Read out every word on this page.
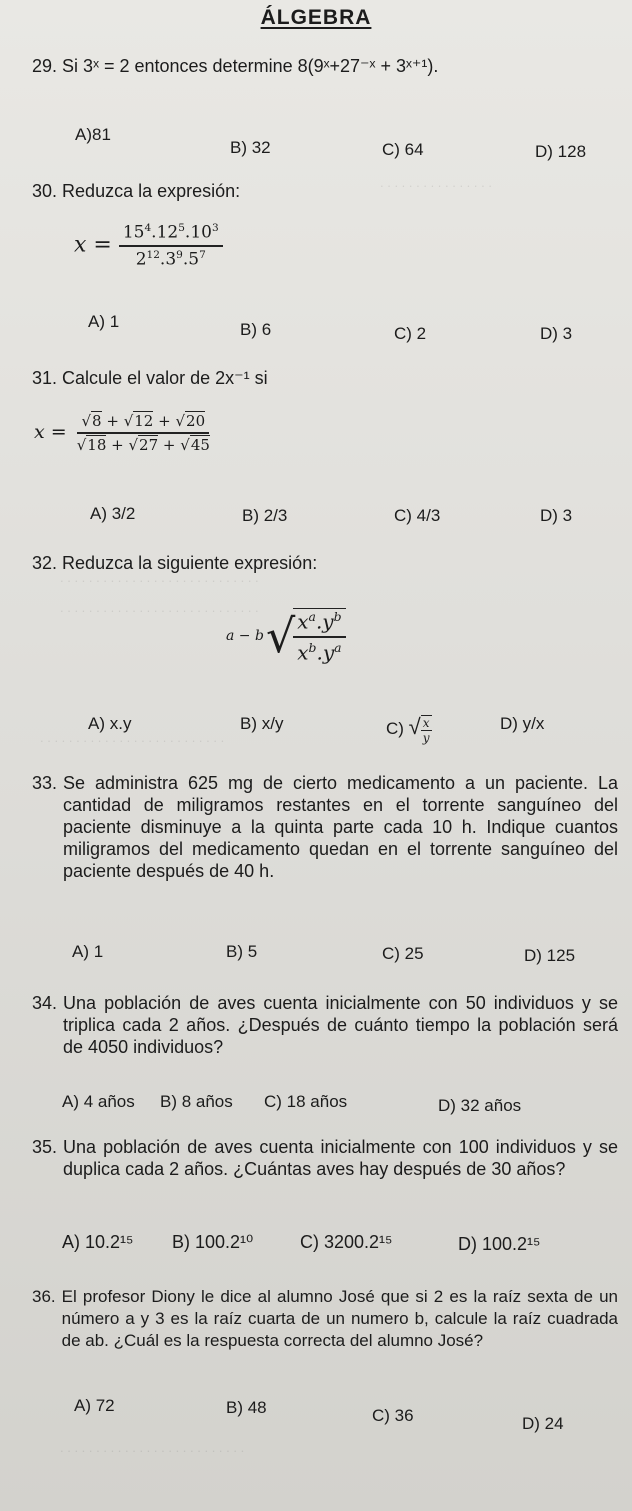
. . . . . . . . . . . . . . . .
. . . . . . . . . . . . . . . . . . . . . . . . . . . .
. . . . . . . . . . . . . . . . . . . . . . . . . . . .
. . . . . . . . . . . . . . . . . . . . . . . . . .
. . . . . . . . . . . . . . . . . . . . . . . . . .
ÁLGEBRA
29. Si 3ˣ = 2 entonces determine 8(9ˣ+27⁻ˣ + 3ˣ⁺¹).
A)81
B) 32	C) 64	D) 128
30. Reduzca la expresión:
$x = \frac{15^4.12^5.10^3}{2^{12}.3^9.5^7}$
A) 1	B) 6	C) 2	D) 3
31. Calcule el valor de 2x⁻¹ si
$x = \frac{√8 + √12 + √20}{√18 + √27 + √45}$
A) 3/2	B) 2/3	C) 4/3	D) 3
32. Reduzca la siguiente expresión:
a − b √
$\frac{x^a.y^b}{x^b.y^a}$
A) x.y	B) x/y	C) √ $\frac{x}{y}$	D) y/x
33. Se administra 625 mg de cierto medicamento a un paciente. La cantidad de miligramos restantes en el torrente sanguíneo del paciente disminuye a la quinta parte cada 10 h. Indique cuantos miligramos del medicamento quedan en el torrente sanguíneo del paciente después de 40 h.
A) 1	B) 5	C) 25	D) 125
34. Una población de aves cuenta inicialmente con 50 individuos y se triplica cada 2 años. ¿Después de cuánto tiempo la población será de 4050 individuos?
A) 4 años B) 8 años C) 18 años	D) 32 años
35. Una población de aves cuenta inicialmente con 100 individuos y se duplica cada 2 años. ¿Cuántas aves hay después de 30 años?
A) 10.2¹⁵ B) 100.2¹⁰	C) 3200.2¹⁵	D) 100.2¹⁵
36. El profesor Diony le dice al alumno José que si 2 es la raíz sexta de un número a y 3 es la raíz cuarta de un numero b, calcule la raíz cuadrada de ab. ¿Cuál es la respuesta correcta del alumno José?
A) 72	B) 48	C) 36	D) 24
